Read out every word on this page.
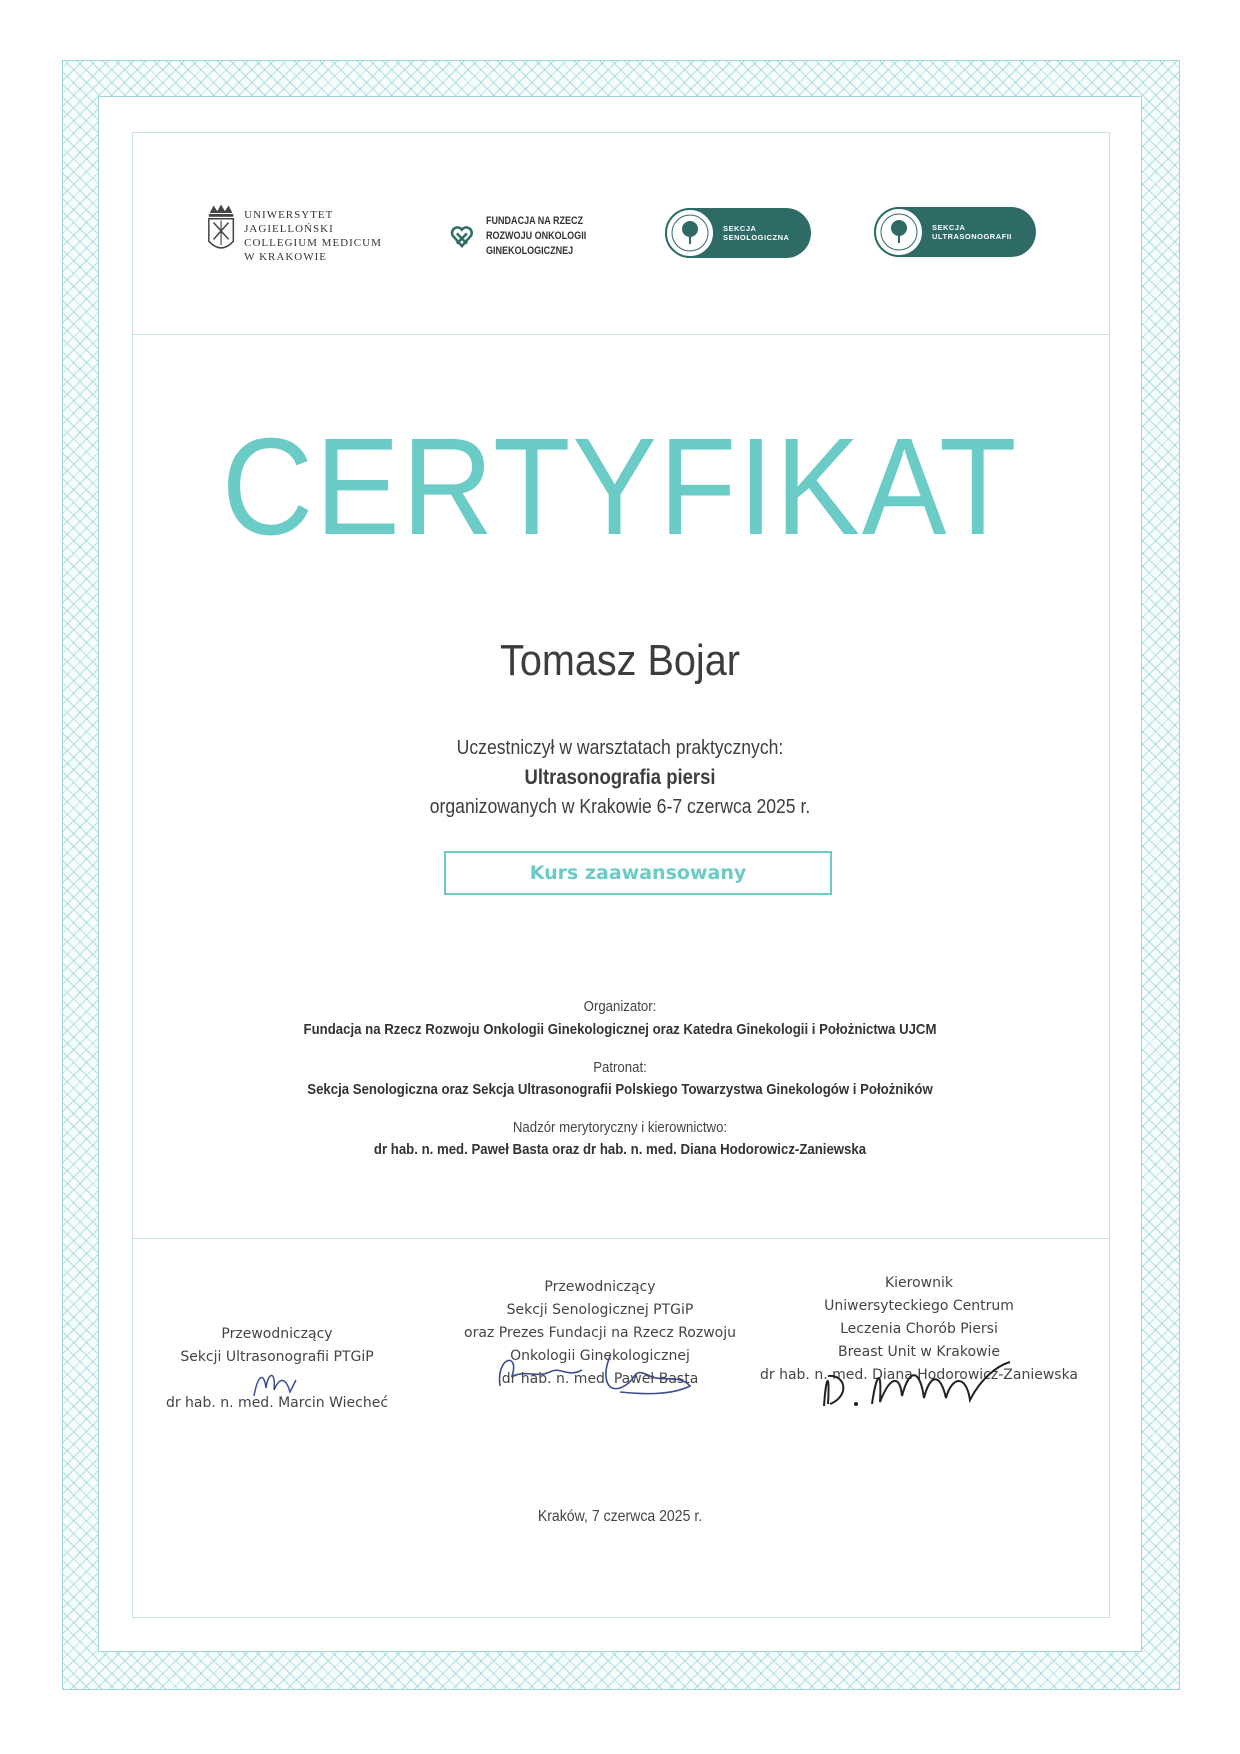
UNIWERSYTET JAGIELLOŃSKI
COLLEGIUM MEDICUM
W KRAKOWIE
FUNDACJA NA RZECZ
ROZWOJU ONKOLOGII
GINEKOLOGICZNEJ
SEKCJA
SENOLOGICZNA
SEKCJA
ULTRASONOGRAFII
CERTYFIKAT
Tomasz Bojar
Uczestniczył w warsztatach praktycznych:
Ultrasonografia piersi
organizowanych w Krakowie 6-7 czerwca 2025 r.
Kurs zaawansowany
Organizator:
Fundacja na Rzecz Rozwoju Onkologii Ginekologicznej oraz Katedra Ginekologii i Położnictwa UJCM
Patronat:
Sekcja Senologiczna oraz Sekcja Ultrasonografii Polskiego Towarzystwa Ginekologów i Położników
Nadzór merytoryczny i kierownictwo:
dr hab. n. med. Paweł Basta oraz dr hab. n. med. Diana Hodorowicz-Zaniewska
Przewodniczący
Sekcji Ultrasonografii PTGiP
dr hab. n. med. Marcin Wiecheć
Przewodniczący
Sekcji Senologicznej PTGiP
oraz Prezes Fundacji na Rzecz Rozwoju
Onkologii Ginekologicznej
dr hab. n. med. Paweł Basta
Kierownik
Uniwersyteckiego Centrum
Leczenia Chorób Piersi
Breast Unit w Krakowie
dr hab. n. med. Diana Hodorowicz-Zaniewska
Kraków, 7 czerwca 2025 r.
